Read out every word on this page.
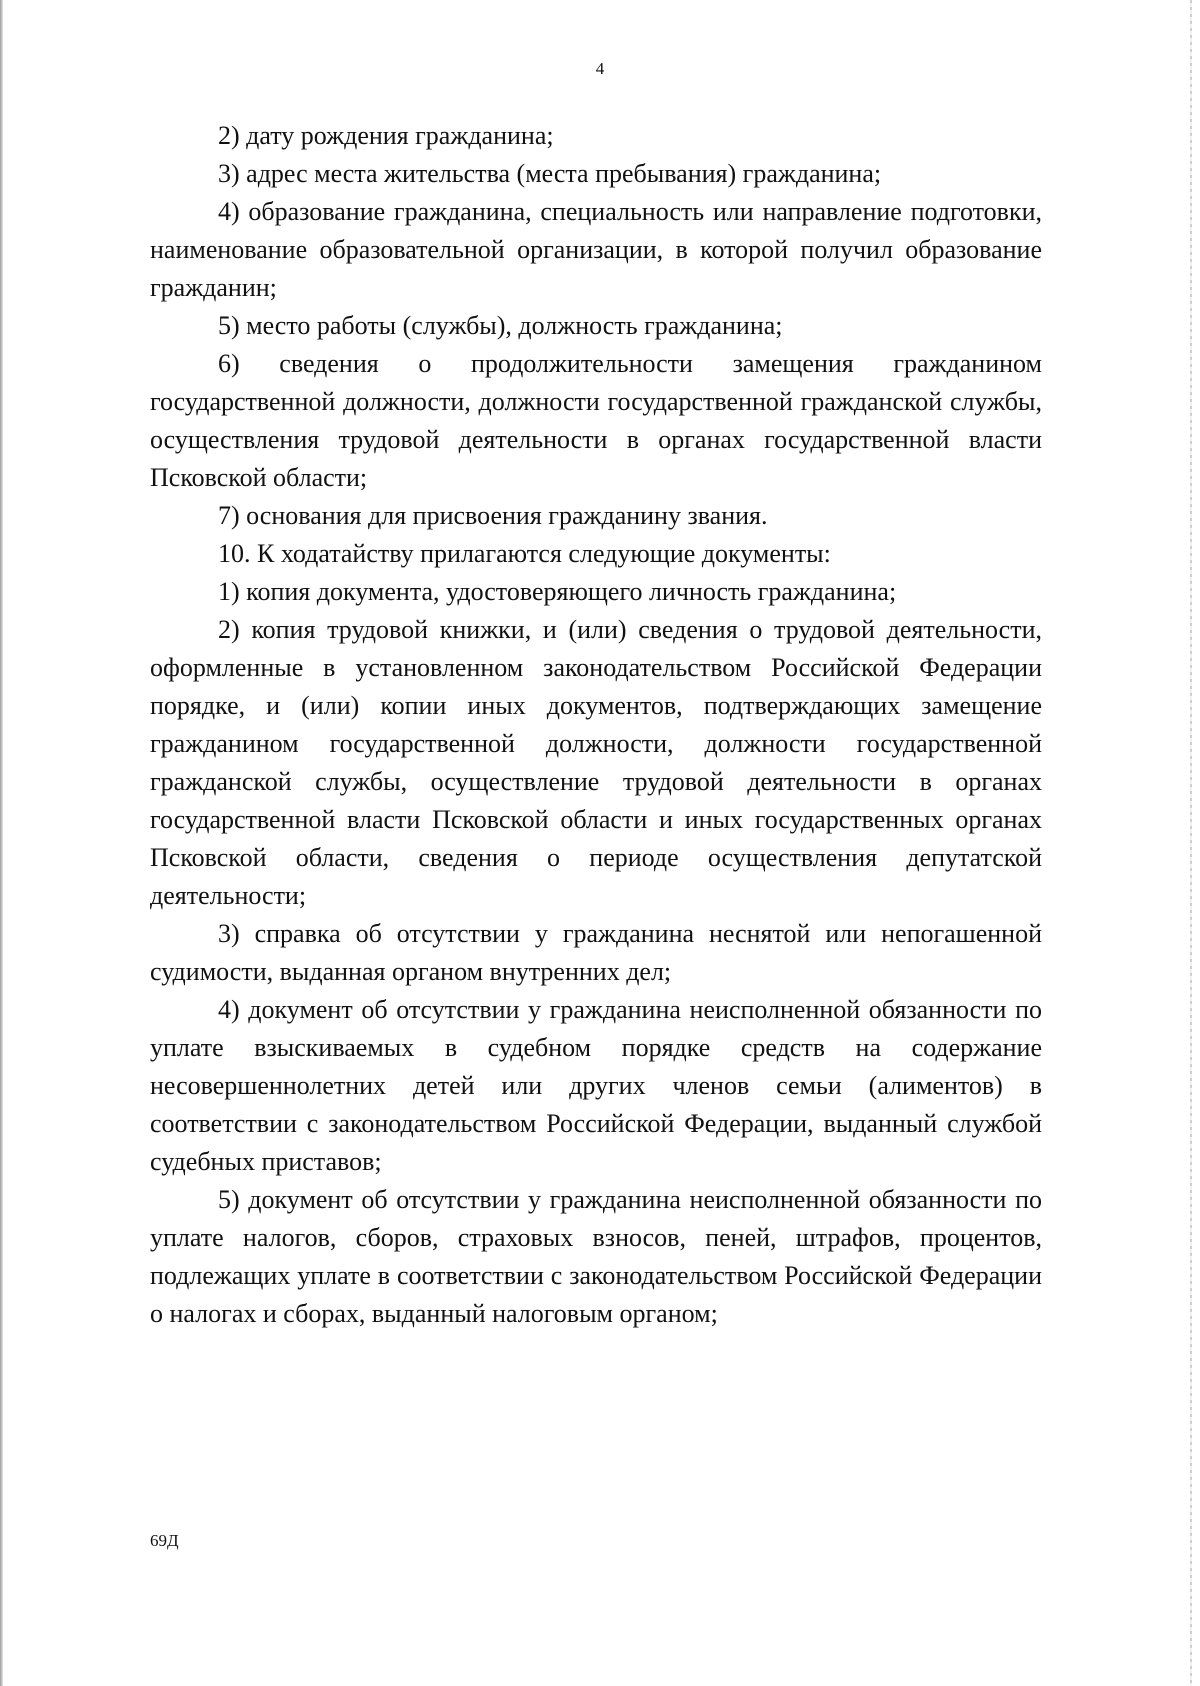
4

2) дату рождения гражданина;

3) адрес места жительства (места пребывания) гражданина;

4) образование гражданина, специальность или направление подготовки, наименование образовательной организации, в которой получил образование гражданин;

5) место работы (службы), должность гражданина;

6) сведения о продолжительности замещения гражданином государственной должности, должности государственной гражданской службы, осуществления трудовой деятельности в органах государственной власти Псковской области;

7) основания для присвоения гражданину звания.

10. К ходатайству прилагаются следующие документы:

1) копия документа, удостоверяющего личность гражданина;

2) копия трудовой книжки, и (или) сведения о трудовой деятельности, оформленные в установленном законодательством Российской Федерации порядке, и (или) копии иных документов, подтверждающих замещение гражданином государственной должности, должности государственной гражданской службы, осуществление трудовой деятельности в органах государственной власти Псковской области и иных государственных органах Псковской области, сведения о периоде осуществления депутатской деятельности;

3) справка об отсутствии у гражданина неснятой или непогашенной судимости, выданная органом внутренних дел;

4) документ об отсутствии у гражданина неисполненной обязанности по уплате взыскиваемых в судебном порядке средств на содержание несовершеннолетних детей или других членов семьи (алиментов) в соответствии с законодательством Российской Федерации, выданный службой судебных приставов;

5) документ об отсутствии у гражданина неисполненной обязанности по уплате налогов, сборов, страховых взносов, пеней, штрафов, процентов, подлежащих уплате в соответствии с законодательством Российской Федерации о налогах и сборах, выданный налоговым органом;

69Д
